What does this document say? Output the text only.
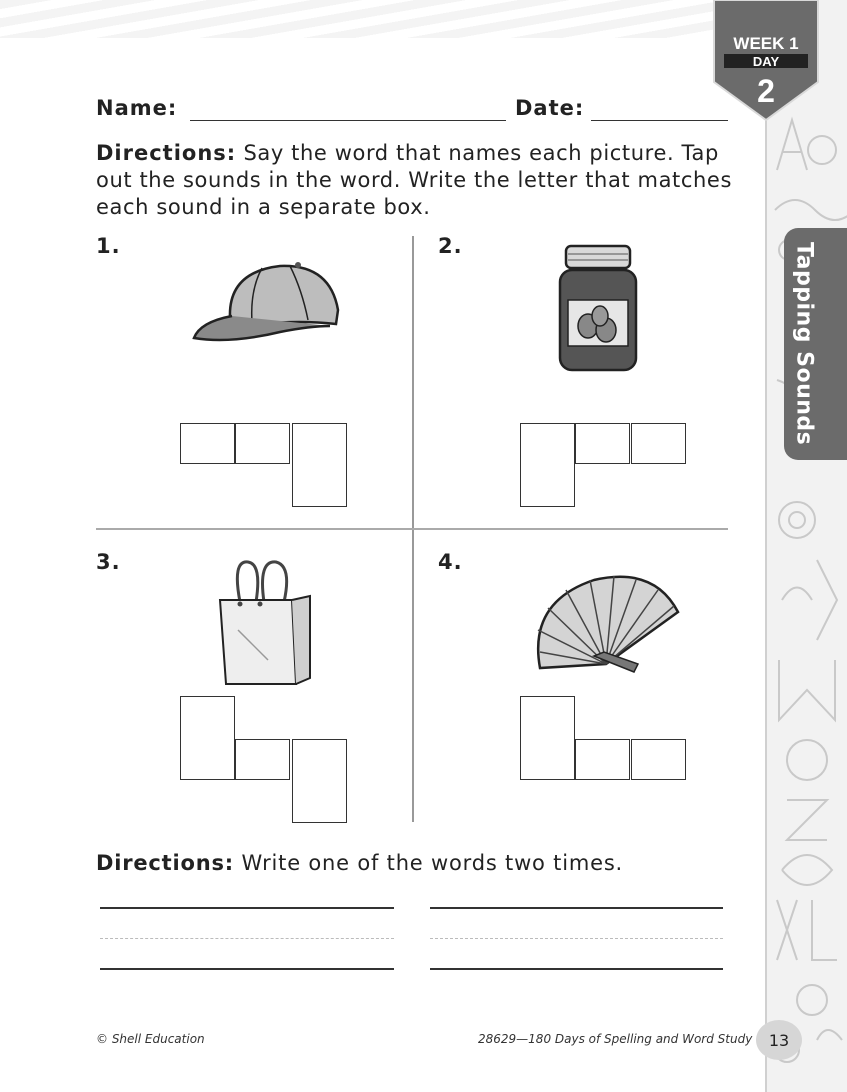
WEEK 1
DAY
2
Tapping Sounds
Name:	Date:
Directions: Say the word that names each picture. Tap out the sounds in the word. Write the letter that matches each sound in a separate box.
1.	2.
3.	4.
Directions: Write one of the words two times.
© Shell Education	28629—180 Days of Spelling and Word Study	13
